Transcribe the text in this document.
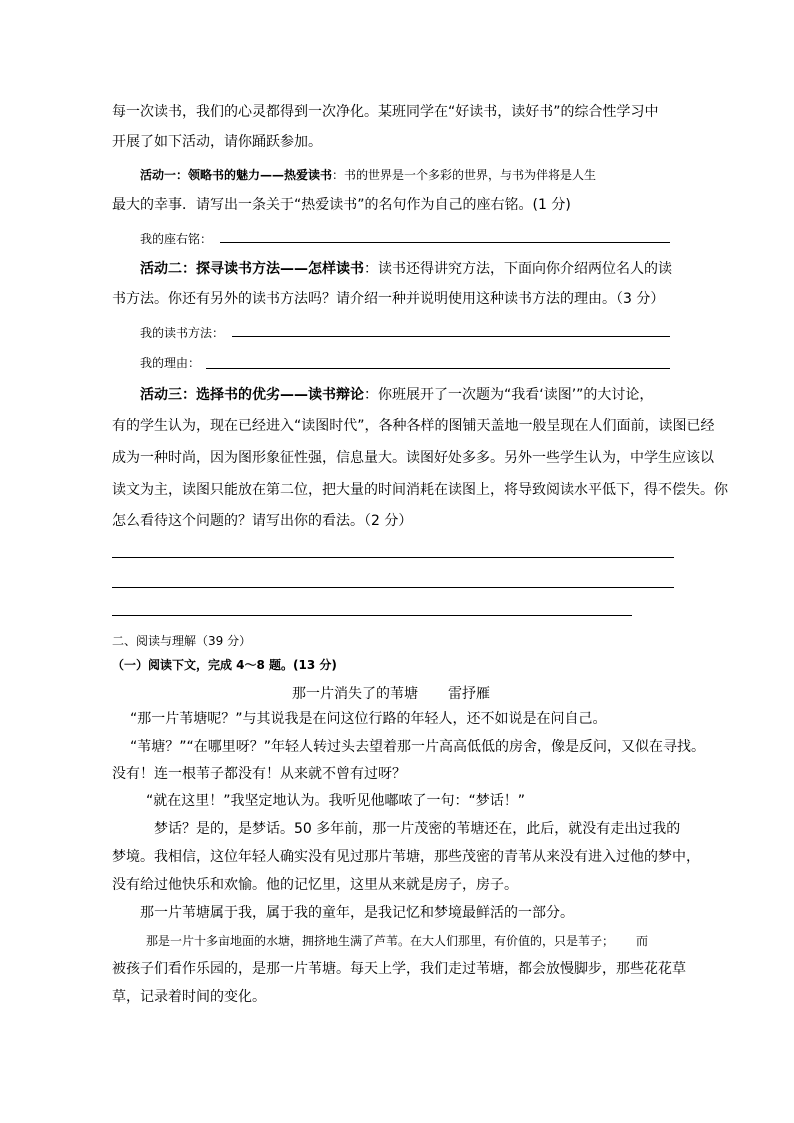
每一次读书，我们的心灵都得到一次净化。某班同学在“好读书，读好书”的综合性学习中
开展了如下活动，请你踊跃参加。
活动一：领略书的魅力——热爱读书：书的世界是一个多彩的世界，与书为伴将是人生
最大的幸事．请写出一条关于“热爱读书”的名句作为自己的座右铭。(1 分)
我的座右铭：
活动二：探寻读书方法——怎样读书：读书还得讲究方法，下面向你介绍两位名人的读
书方法。你还有另外的读书方法吗？请介绍一种并说明使用这种读书方法的理由。（3 分）
我的读书方法：
我的理由：
活动三：选择书的优劣——读书辩论：你班展开了一次题为“我看‘读图’”的大讨论，
有的学生认为，现在已经进入“读图时代”，各种各样的图铺天盖地一般呈现在人们面前，读图已经
成为一种时尚，因为图形象征性强，信息量大。读图好处多多。另外一些学生认为，中学生应该以
读文为主，读图只能放在第二位，把大量的时间消耗在读图上，将导致阅读水平低下，得不偿失。你
怎么看待这个问题的？请写出你的看法。（2 分）
二、阅读与理解（39 分）
（一）阅读下文，完成 4～8 题。(13 分)
那一片消失了的苇塘 雷抒雁
“那一片苇塘呢？”与其说我是在问这位行路的年轻人，还不如说是在问自己。
“苇塘？”“在哪里呀？”年轻人转过头去望着那一片高高低低的房舍，像是反问，又似在寻找。
没有！连一根苇子都没有！从来就不曾有过呀？
“就在这里！”我坚定地认为。我听见他嘟哝了一句：“梦话！”
梦话？是的，是梦话。50 多年前，那一片茂密的苇塘还在，此后，就没有走出过我的
梦境。我相信，这位年轻人确实没有见过那片苇塘，那些茂密的青苇从来没有进入过他的梦中，
没有给过他快乐和欢愉。他的记忆里，这里从来就是房子，房子。
那一片苇塘属于我，属于我的童年，是我记忆和梦境最鲜活的一部分。
那是一片十多亩地面的水塘，拥挤地生满了芦苇。在大人们那里，有价值的，只是苇子； 而
被孩子们看作乐园的，是那一片苇塘。每天上学，我们走过苇塘，都会放慢脚步，那些花花草
草，记录着时间的变化。
